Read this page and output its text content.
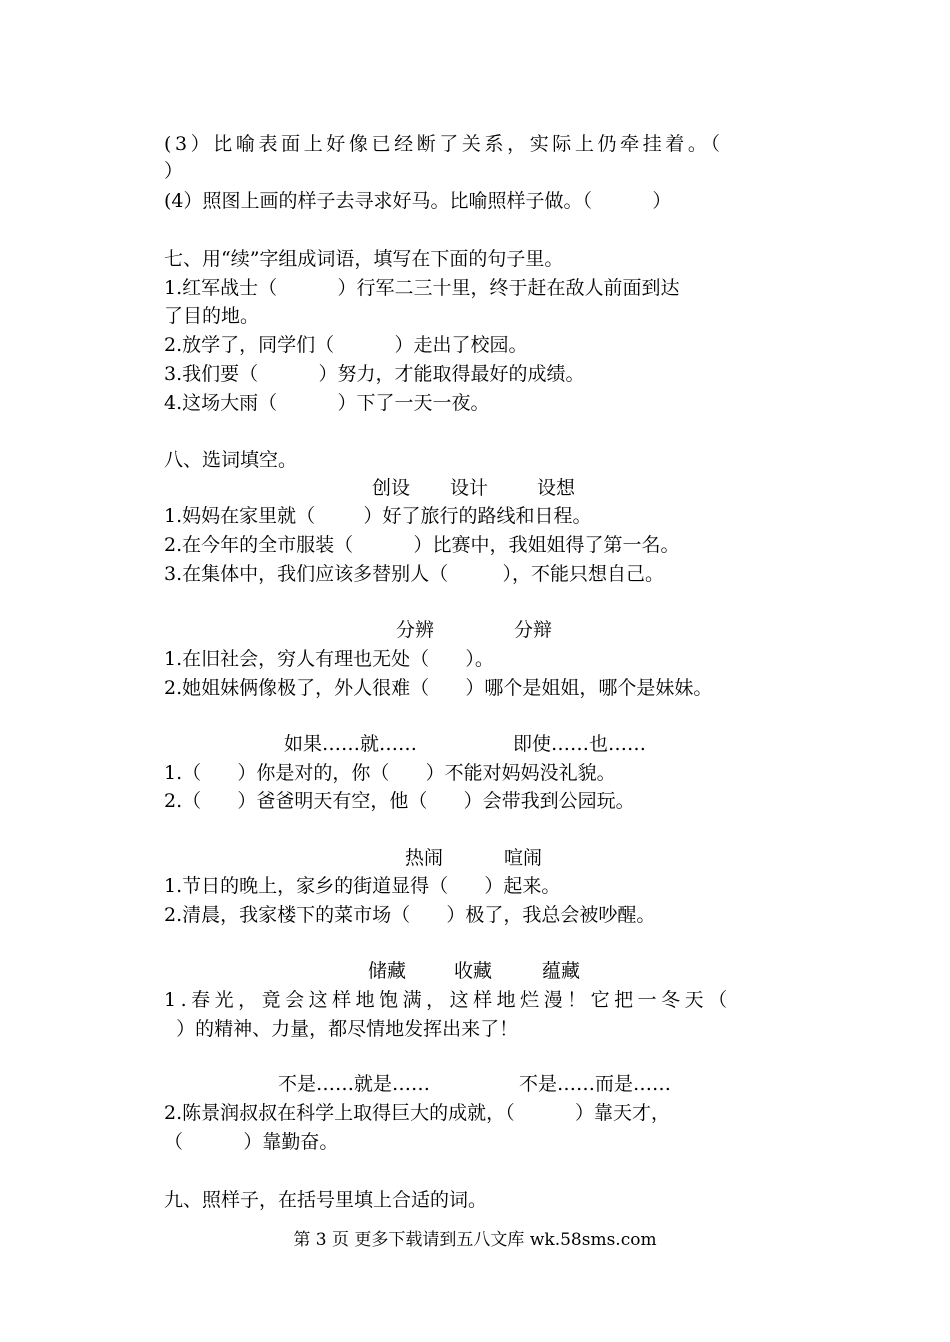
(3）比喻表面上好像已经断了关系，实际上仍牵挂着。（
）
(4）照图上画的样子去寻求好马。比喻照样子做。（          ）
七、用“续”字组成词语，填写在下面的句子里。
1.红军战士（          ）行军二三十里，终于赶在敌人前面到达
了目的地。
2.放学了，同学们（          ）走出了校园。
3.我们要（          ）努力，才能取得最好的成绩。
4.这场大雨（          ）下了一天一夜。
八、选词填空。
创设 设计	设想
1.妈妈在家里就（        ）好了旅行的路线和日程。
2.在今年的全市服装（          ）比赛中，我姐姐得了第一名。
3.在集体中，我们应该多替别人（         ），不能只想自己。
分辨	分辩
1.在旧社会，穷人有理也无处（      ）。
2.她姐妹俩像极了，外人很难（      ）哪个是姐姐，哪个是妹妹。
如果……就……	即使……也……
1.（      ）你是对的，你（      ）不能对妈妈没礼貌。
2.（      ）爸爸明天有空，他（      ）会带我到公园玩。
热闹	喧闹
1.节日的晚上，家乡的街道显得（      ）起来。
2.清晨，我家楼下的菜市场（      ）极了，我总会被吵醒。
储藏	收藏	蕴藏
1.春光，竟会这样地饱满，这样地烂漫！它把一冬天（
）的精神、力量，都尽情地发挥出来了！
不是……就是……	不是……而是……
2.陈景润叔叔在科学上取得巨大的成就，（          ）靠天才，
（          ）靠勤奋。
九、照样子，在括号里填上合适的词。
第 3 页 更多下载请到五八文库 wk.58sms.com
